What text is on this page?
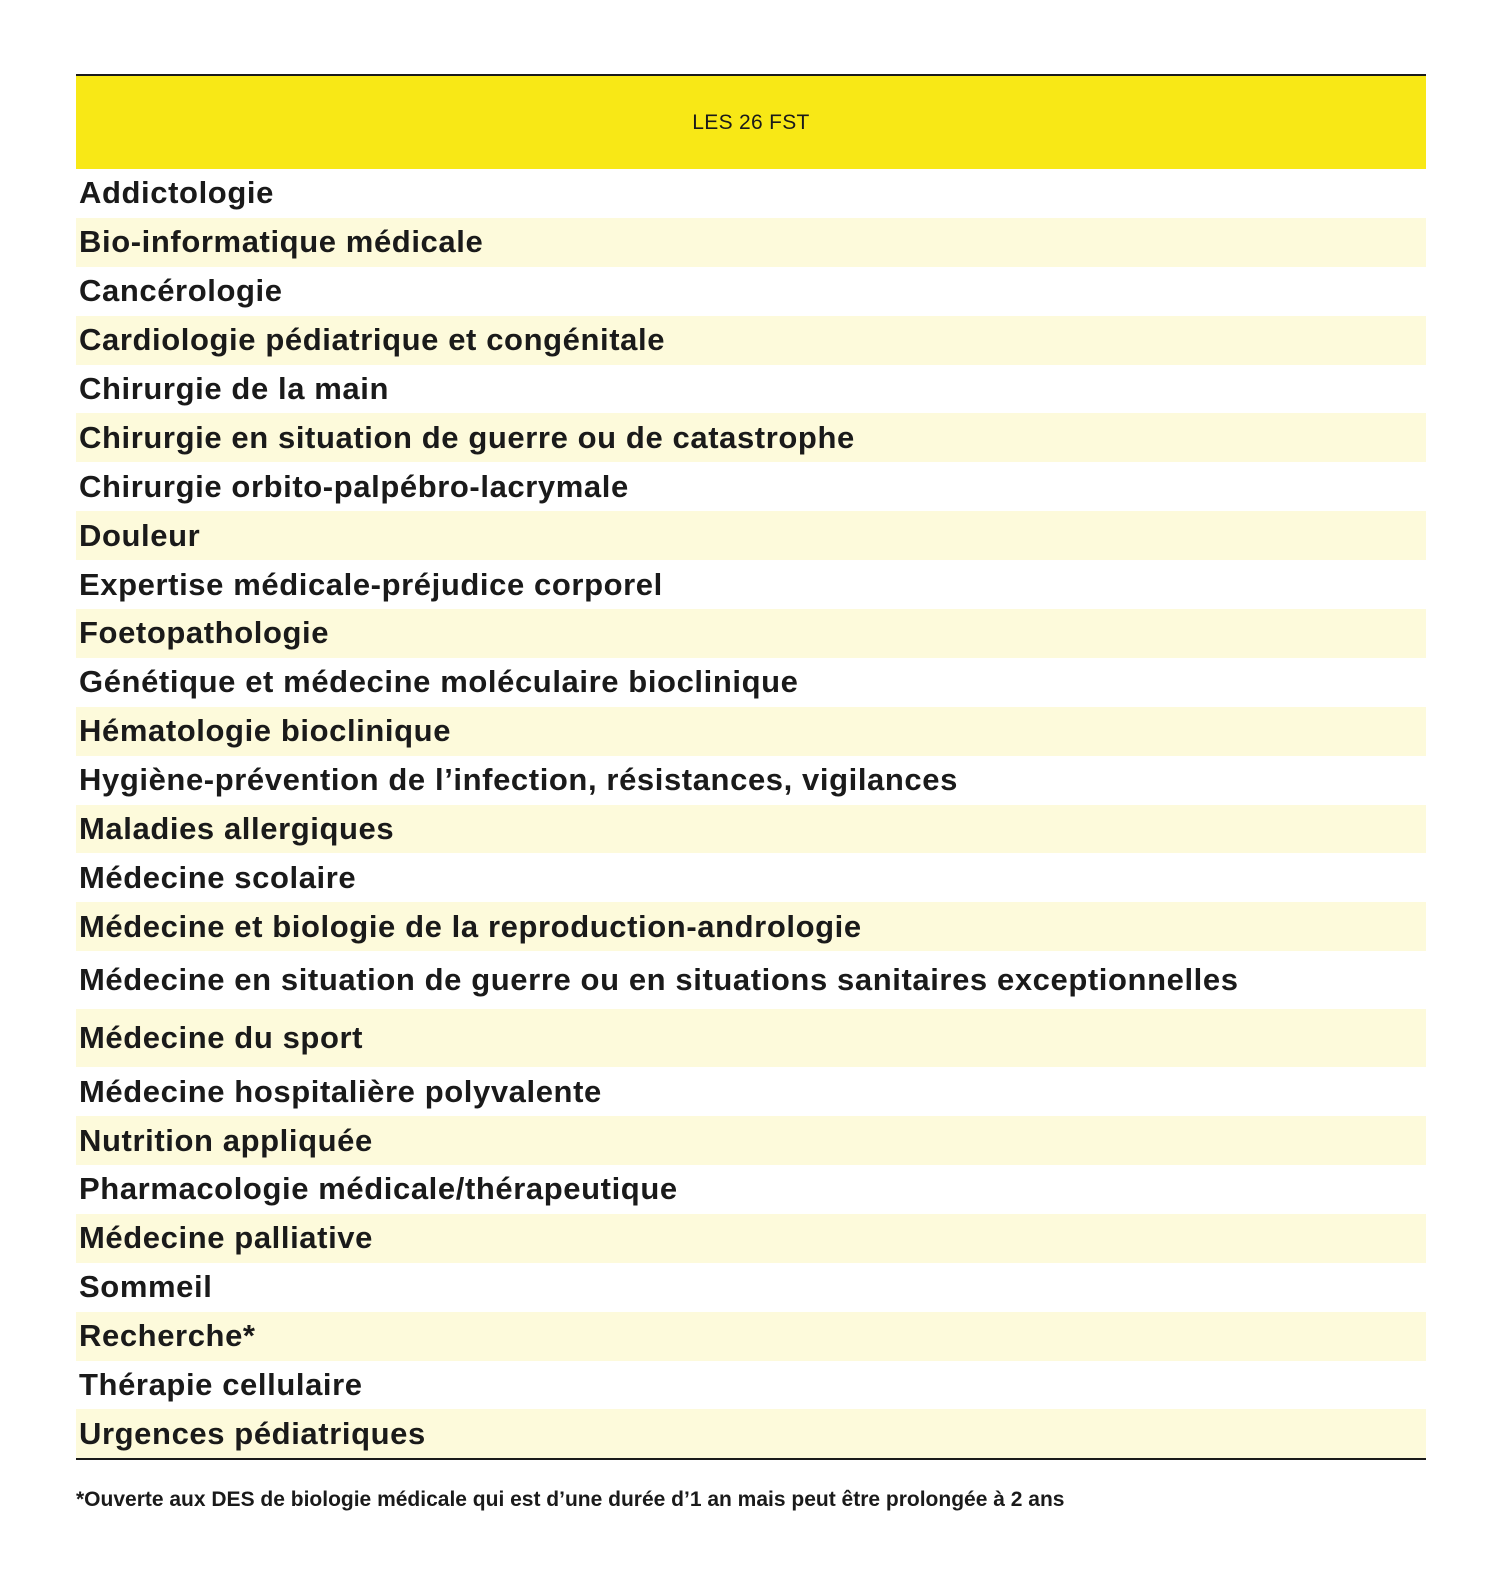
LES 26 FST
Addictologie
Bio-informatique médicale
Cancérologie
Cardiologie pédiatrique et congénitale
Chirurgie de la main
Chirurgie en situation de guerre ou de catastrophe
Chirurgie orbito-palpébro-lacrymale
Douleur
Expertise médicale-préjudice corporel
Foetopathologie
Génétique et médecine moléculaire bioclinique
Hématologie bioclinique
Hygiène-prévention de l’infection, résistances, vigilances
Maladies allergiques
Médecine scolaire
Médecine et biologie de la reproduction-andrologie
Médecine en situation de guerre ou en situations sanitaires exceptionnelles
Médecine du sport
Médecine hospitalière polyvalente
Nutrition appliquée
Pharmacologie médicale/thérapeutique
Médecine palliative
Sommeil
Recherche*
Thérapie cellulaire
Urgences pédiatriques
*Ouverte aux DES de biologie médicale qui est d’une durée d’1 an mais peut être prolongée à 2 ans
